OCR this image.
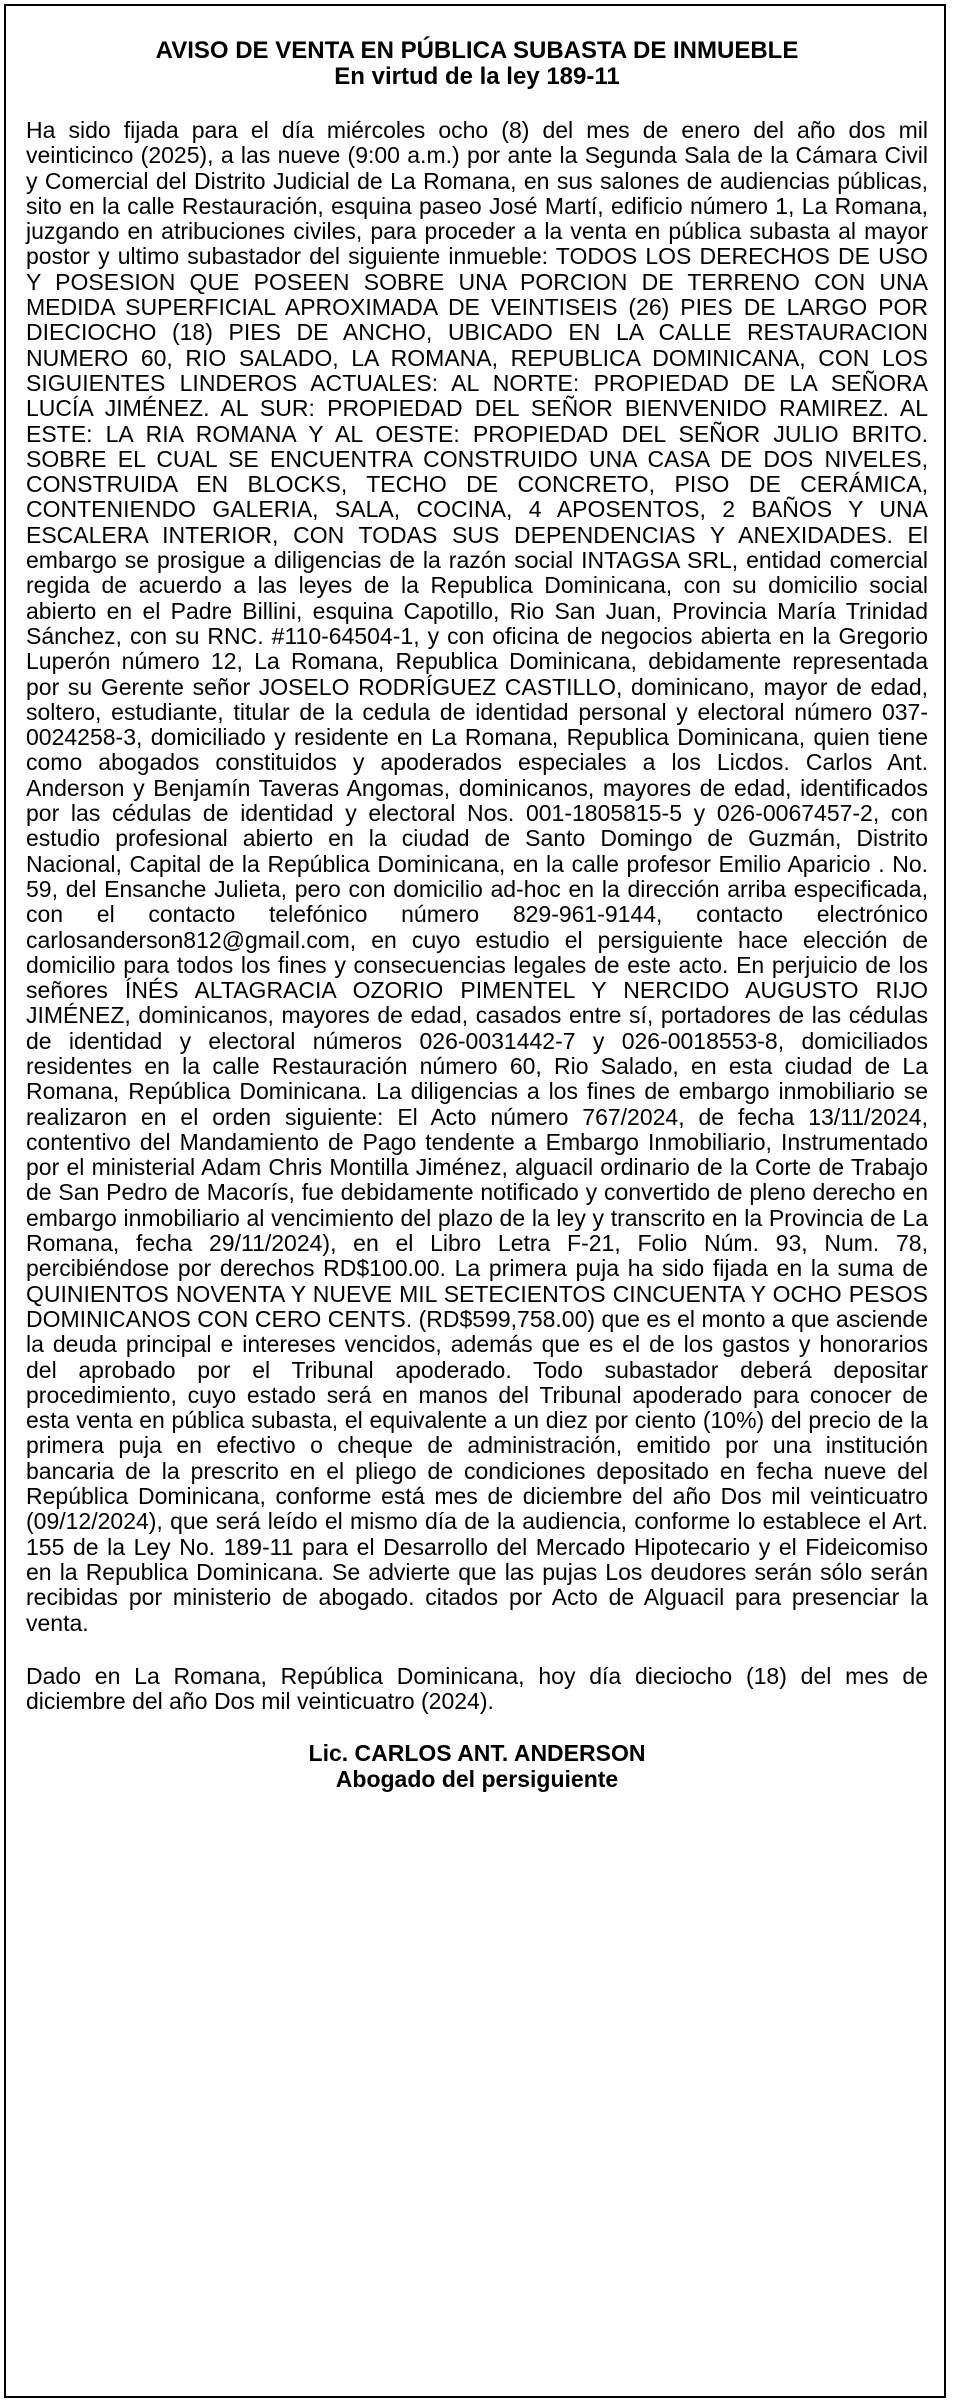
AVISO DE VENTA EN PÚBLICA SUBASTA DE INMUEBLE
En virtud de la ley 189-11

Ha sido fijada para el día miércoles ocho (8) del mes de enero del año dos mil veinticinco (2025), a las nueve (9:00 a.m.) por ante la Segunda Sala de la Cámara Civil y Comercial del Distrito Judicial de La Romana, en sus salones de audiencias públicas, sito en la calle Restauración, esquina paseo José Martí, edificio número 1, La Romana, juzgando en atribuciones civiles, para proceder a la venta en pública subasta al mayor postor y ultimo subastador del siguiente inmueble: TODOS LOS DERECHOS DE USO Y POSESION QUE POSEEN SOBRE UNA PORCION DE TERRENO CON UNA MEDIDA SUPERFICIAL APROXIMADA DE VEINTISEIS (26) PIES DE LARGO POR DIECIOCHO (18) PIES DE ANCHO, UBICADO EN LA CALLE RESTAURACION NUMERO 60, RIO SALADO, LA ROMANA, REPUBLICA DOMINICANA, CON LOS SIGUIENTES LINDEROS ACTUALES: AL NORTE: PROPIEDAD DE LA SEÑORA LUCÍA JIMÉNEZ. AL SUR: PROPIEDAD DEL SEÑOR BIENVENIDO RAMIREZ. AL ESTE: LA RIA ROMANA Y AL OESTE: PROPIEDAD DEL SEÑOR JULIO BRITO. SOBRE EL CUAL SE ENCUENTRA CONSTRUIDO UNA CASA DE DOS NIVELES, CONSTRUIDA EN BLOCKS, TECHO DE CONCRETO, PISO DE CERÁMICA, CONTENIENDO GALERIA, SALA, COCINA, 4 APOSENTOS, 2 BAÑOS Y UNA ESCALERA INTERIOR, CON TODAS SUS DEPENDENCIAS Y ANEXIDADES. El embargo se prosigue a diligencias de la razón social INTAGSA SRL, entidad comercial regida de acuerdo a las leyes de la Republica Dominicana, con su domicilio social abierto en el Padre Billini, esquina Capotillo, Rio San Juan, Provincia María Trinidad Sánchez, con su RNC. #110-64504-1, y con oficina de negocios abierta en la Gregorio Luperón número 12, La Romana, Republica Dominicana, debidamente representada por su Gerente señor JOSELO RODRÍGUEZ CASTILLO, dominicano, mayor de edad, soltero, estudiante, titular de la cedula de identidad personal y electoral número 037-0024258-3, domiciliado y residente en La Romana, Republica Dominicana, quien tiene como abogados constituidos y apoderados especiales a los Licdos. Carlos Ant. Anderson y Benjamín Taveras Angomas, dominicanos, mayores de edad, identificados por las cédulas de identidad y electoral Nos. 001-1805815-5 y 026-0067457-2, con estudio profesional abierto en la ciudad de Santo Domingo de Guzmán, Distrito Nacional, Capital de la República Dominicana, en la calle profesor Emilio Aparicio . No. 59, del Ensanche Julieta, pero con domicilio ad-hoc en la dirección arriba especificada, con el contacto telefónico número 829-961-9144, contacto electrónico carlosanderson812@gmail.com, en cuyo estudio el persiguiente hace elección de domicilio para todos los fines y consecuencias legales de este acto. En perjuicio de los señores ÍNÉS ALTAGRACIA OZORIO PIMENTEL Y NERCIDO AUGUSTO RIJO JIMÉNEZ, dominicanos, mayores de edad, casados entre sí, portadores de las cédulas de identidad y electoral números 026-0031442-7 y 026-0018553-8, domiciliados residentes en la calle Restauración número 60, Rio Salado, en esta ciudad de La Romana, República Dominicana. La diligencias a los fines de embargo inmobiliario se realizaron en el orden siguiente: El Acto número 767/2024, de fecha 13/11/2024, contentivo del Mandamiento de Pago tendente a Embargo Inmobiliario, Instrumentado por el ministerial Adam Chris Montilla Jiménez, alguacil ordinario de la Corte de Trabajo de San Pedro de Macorís, fue debidamente notificado y convertido de pleno derecho en embargo inmobiliario al vencimiento del plazo de la ley y transcrito en la Provincia de La Romana, fecha 29/11/2024), en el Libro Letra F-21, Folio Núm. 93, Num. 78, percibiéndose por derechos RD$100.00. La primera puja ha sido fijada en la suma de QUINIENTOS NOVENTA Y NUEVE MIL SETECIENTOS CINCUENTA Y OCHO PESOS DOMINICANOS CON CERO CENTS. (RD$599,758.00) que es el monto a que asciende la deuda principal e intereses vencidos, además que es el de los gastos y honorarios del aprobado por el Tribunal apoderado. Todo subastador deberá depositar procedimiento, cuyo estado será en manos del Tribunal apoderado para conocer de esta venta en pública subasta, el equivalente a un diez por ciento (10%) del precio de la primera puja en efectivo o cheque de administración, emitido por una institución bancaria de la prescrito en el pliego de condiciones depositado en fecha nueve del República Dominicana, conforme está mes de diciembre del año Dos mil veinticuatro (09/12/2024), que será leído el mismo día de la audiencia, conforme lo establece el Art. 155 de la Ley No. 189-11 para el Desarrollo del Mercado Hipotecario y el Fideicomiso en la Republica Dominicana. Se advierte que las pujas Los deudores serán sólo serán recibidas por ministerio de abogado. citados por Acto de Alguacil para presenciar la venta.

Dado en La Romana, República Dominicana, hoy día dieciocho (18) del mes de diciembre del año Dos mil veinticuatro (2024).

Lic. CARLOS ANT. ANDERSON
Abogado del persiguiente
